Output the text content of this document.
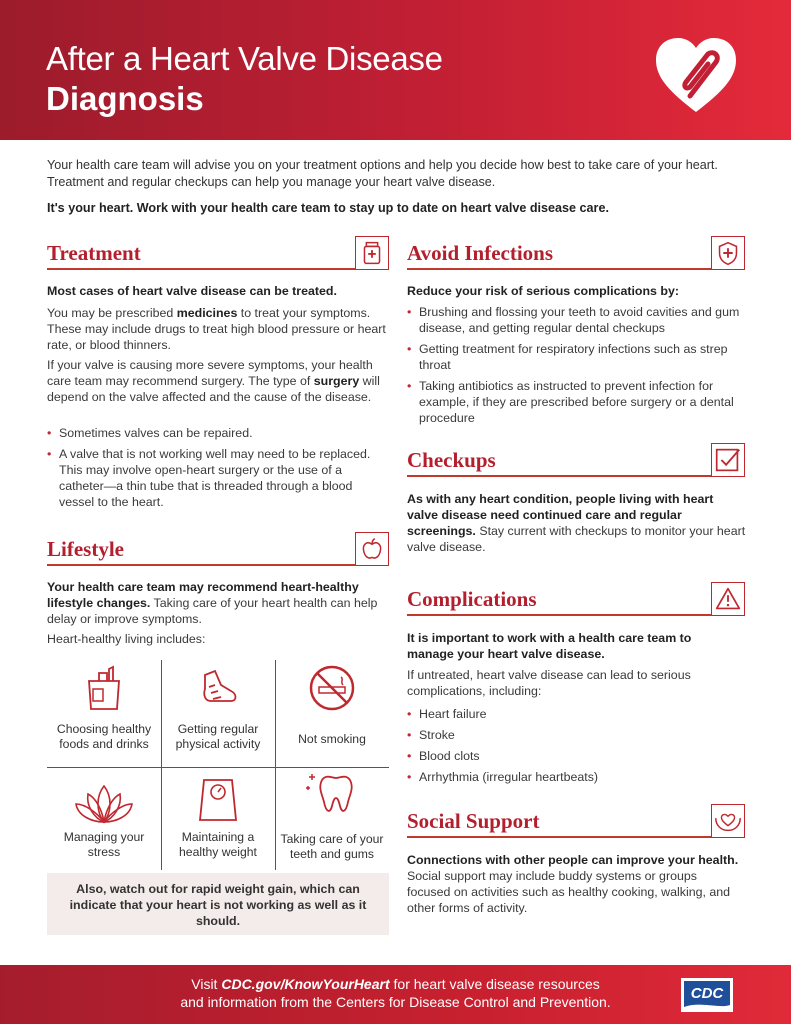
After a Heart Valve Disease
Diagnosis
Your health care team will advise you on your treatment options and help you decide how best to take care of your heart. Treatment and regular checkups can help you manage your heart valve disease.
It's your heart. Work with your health care team to stay up to date on heart valve disease care.
Treatment
Most cases of heart valve disease can be treated.
You may be prescribed medicines to treat your symptoms. These may include drugs to treat high blood pressure or heart rate, or blood thinners.
If your valve is causing more severe symptoms, your health care team may recommend surgery. The type of surgery will depend on the valve affected and the cause of the disease.
• Sometimes valves can be repaired.
• A valve that is not working well may need to be replaced. This may involve open-heart surgery or the use of a catheter—a thin tube that is threaded through a blood vessel to the heart.
Lifestyle
Your health care team may recommend heart-healthy lifestyle changes. Taking care of your heart health can help delay or improve symptoms.
Heart-healthy living includes:
Choosing healthy foods and drinks
Getting regular physical activity	Not smoking
Managing your stress
Maintaining a healthy weight
Taking care of your teeth and gums
Also, watch out for rapid weight gain, which can indicate that your heart is not working as well as it should.
Avoid Infections
Reduce your risk of serious complications by:
• Brushing and flossing your teeth to avoid cavities and gum disease, and getting regular dental checkups
• Getting treatment for respiratory infections such as strep throat
• Taking antibiotics as instructed to prevent infection for example, if they are prescribed before surgery or a dental procedure
Checkups
As with any heart condition, people living with heart valve disease need continued care and regular screenings. Stay current with checkups to monitor your heart valve disease.
Complications
It is important to work with a health care team to manage your heart valve disease.
If untreated, heart valve disease can lead to serious complications, including:
• Heart failure
• Stroke
• Blood clots
• Arrhythmia (irregular heartbeats)
Social Support
Connections with other people can improve your health. Social support may include buddy systems or groups focused on activities such as healthy cooking, walking, and other forms of activity.
Visit CDC.gov/KnowYourHeart for heart valve disease resources
and information from the Centers for Disease Control and Prevention.	CDC
